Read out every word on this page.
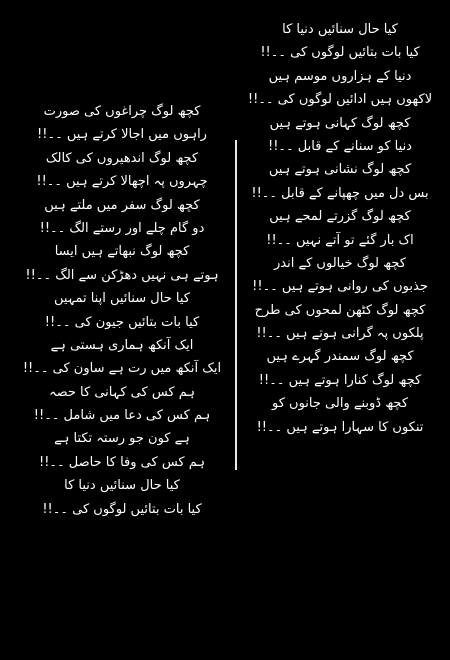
کیا حال سنائیں دنیا کا
کیا بات بتائیں لوگوں کی ۔۔!!
دنیا کے ہزاروں موسم ہیں
لاکھوں ہیں ادائیں لوگوں کی ۔۔!!
کچھ لوگ کہانی ہوتے ہیں
دنیا کو سنانے کے قابل ۔۔!!
کچھ لوگ نشانی ہوتے ہیں
بس دل میں چھپانے کے قابل ۔۔!!
کچھ لوگ گزرتے لمحے ہیں
اک بار گئے تو آتے نہیں ۔۔!!
کچھ لوگ خیالوں کے اندر
جذبوں کی روانی ہوتے ہیں ۔۔!!
کچھ لوگ کٹھن لمحوں کی طرح
پلکوں پہ گرانی ہوتے ہیں ۔۔!!
کچھ لوگ سمندر گہرے ہیں
کچھ لوگ کنارا ہوتے ہیں ۔۔!!
کچھ ڈوبنے والی جانوں کو
تنکوں کا سہارا ہوتے ہیں ۔۔!!
کچھ لوگ چراغوں کی صورت
راہوں میں اجالا کرتے ہیں ۔۔!!
کچھ لوگ اندھیروں کی کالک
چہروں پہ اچھالا کرتے ہیں ۔۔!!
کچھ لوگ سفر میں ملتے ہیں
دو گام چلے اور رستے الگ ۔۔!!
کچھ لوگ نبھاتے ہیں ایسا
ہوتے ہی نہیں دھڑکن سے الگ ۔۔!!
کیا حال سنائیں اپنا تمہیں
کیا بات بتائیں جیون کی ۔۔!!
ایک آنکھ ہماری ہستی ہے
ایک آنکھ میں رت ہے ساون کی ۔۔!!
ہم کس کی کہانی کا حصہ
ہم کس کی دعا میں شامل ۔۔!!
ہے کون جو رستہ تکتا ہے
ہم کس کی وفا کا حاصل ۔۔!!
کیا حال سنائیں دنیا کا
کیا بات بتائیں لوگوں کی ۔۔!!
